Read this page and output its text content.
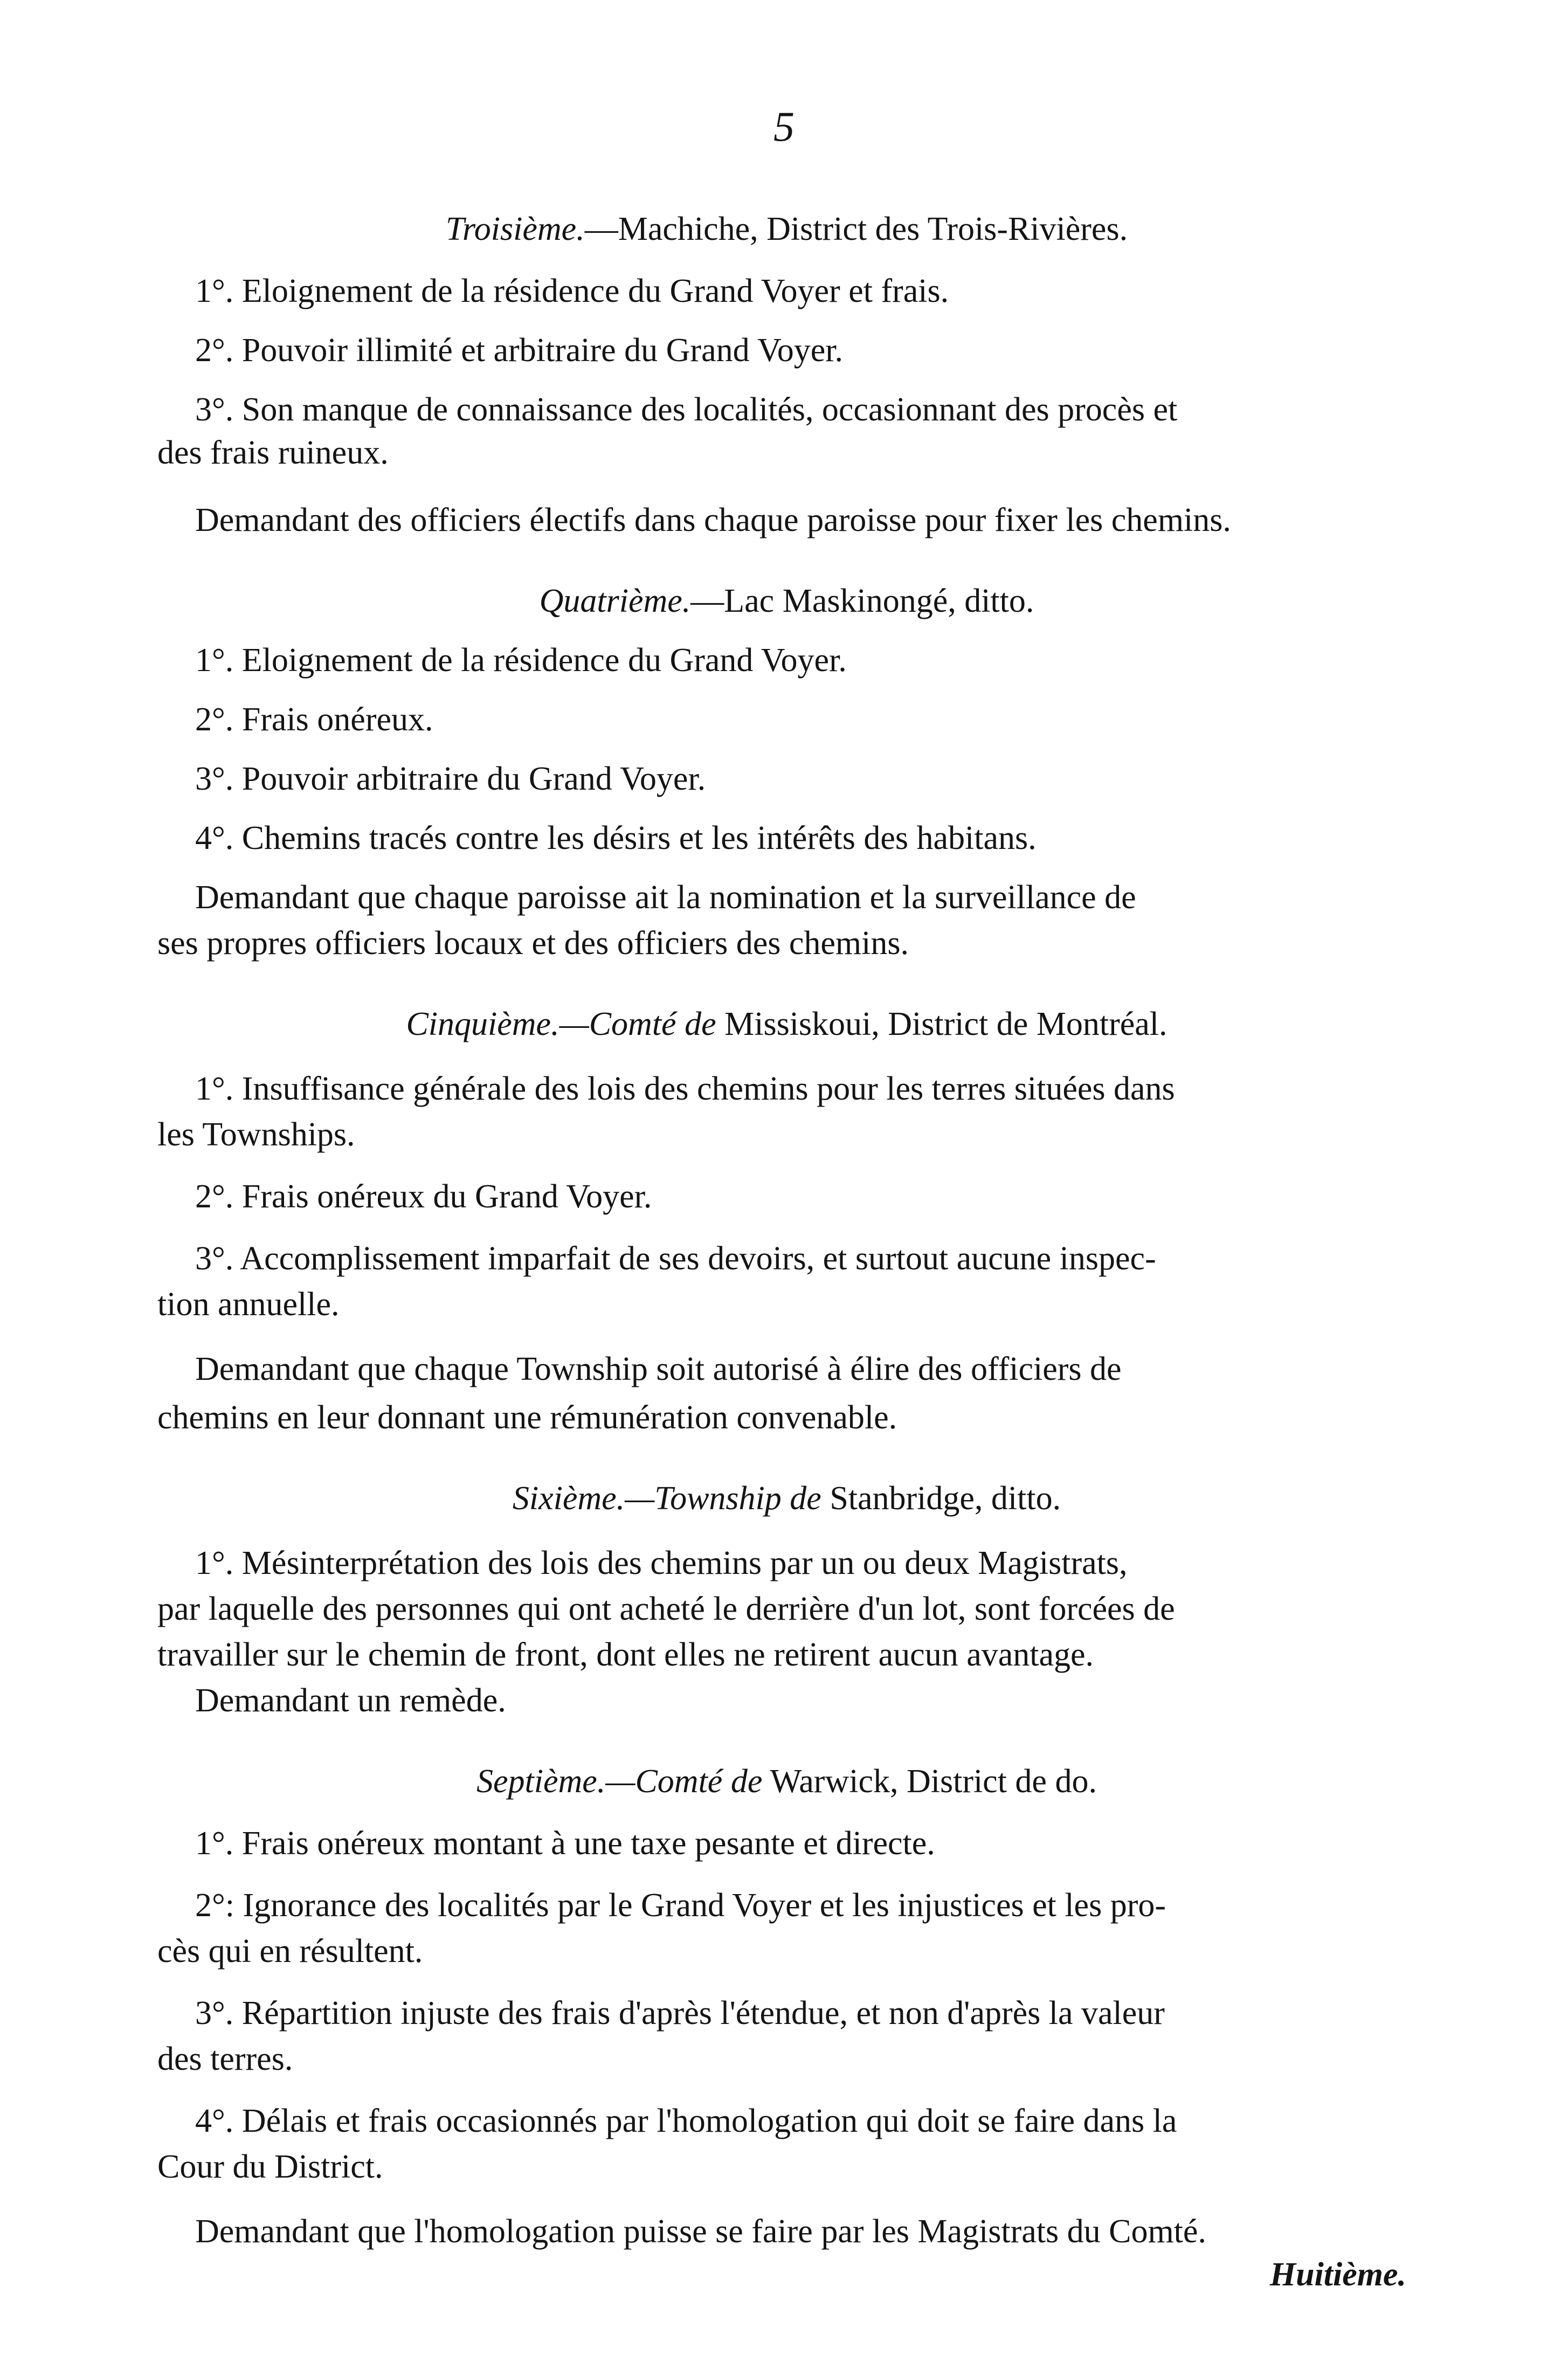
5
Troisième.—Machiche, District des Trois-Rivières.
1°. Eloignement de la résidence du Grand Voyer et frais.
2°. Pouvoir illimité et arbitraire du Grand Voyer.
3°. Son manque de connaissance des localités, occasionnant des procès et
des frais ruineux.
Demandant des officiers électifs dans chaque paroisse pour fixer les chemins.
Quatrième.—Lac Maskinongé, ditto.
1°. Eloignement de la résidence du Grand Voyer.
2°. Frais onéreux.
3°. Pouvoir arbitraire du Grand Voyer.
4°. Chemins tracés contre les désirs et les intérêts des habitans.
Demandant que chaque paroisse ait la nomination et la surveillance de
ses propres officiers locaux et des officiers des chemins.
Cinquième.—Comté de Missiskoui, District de Montréal.
1°. Insuffisance générale des lois des chemins pour les terres situées dans
les Townships.
2°. Frais onéreux du Grand Voyer.
3°. Accomplissement imparfait de ses devoirs, et surtout aucune inspec-
tion annuelle.
Demandant que chaque Township soit autorisé à élire des officiers de
chemins en leur donnant une rémunération convenable.
Sixième.—Township de Stanbridge, ditto.
1°. Mésinterprétation des lois des chemins par un ou deux Magistrats,
par laquelle des personnes qui ont acheté le derrière d'un lot, sont forcées de
travailler sur le chemin de front, dont elles ne retirent aucun avantage.
Demandant un remède.
Septième.—Comté de Warwick, District de do.
1°. Frais onéreux montant à une taxe pesante et directe.
2°: Ignorance des localités par le Grand Voyer et les injustices et les pro-
cès qui en résultent.
3°. Répartition injuste des frais d'après l'étendue, et non d'après la valeur
des terres.
4°. Délais et frais occasionnés par l'homologation qui doit se faire dans la
Cour du District.
Demandant que l'homologation puisse se faire par les Magistrats du Comté.
Huitième.
